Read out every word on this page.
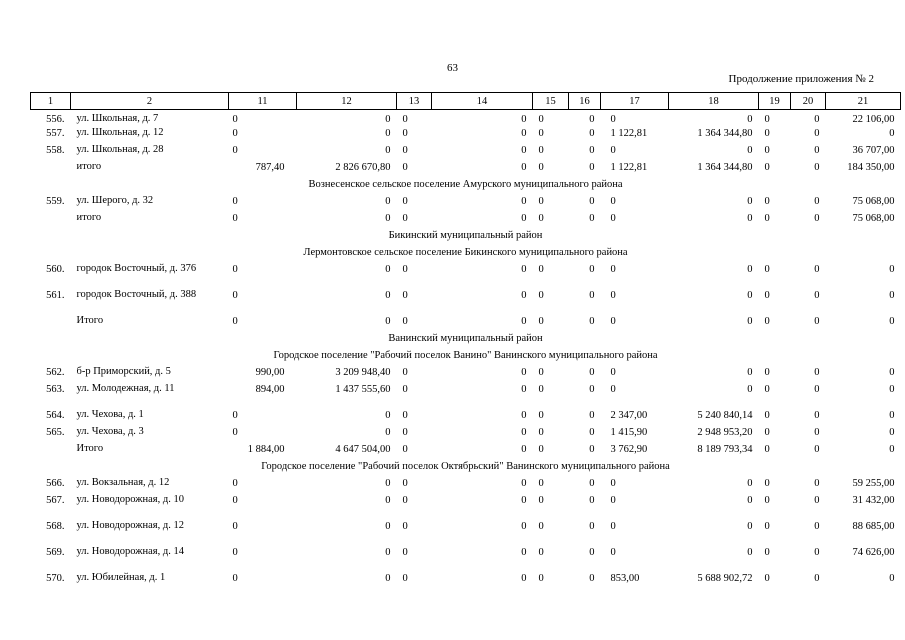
63
Продолжение приложения № 2
1	2	11	12	13	14	15	16	17	18	19	20	21
556.	ул. Школьная, д. 7	0	0	0	0	0	0	0	0	0	0	22 106,00
557.	ул. Школьная, д. 12	0	0	0	0	0	0	1 122,81	1 364 344,80	0	0	0
558.	ул. Школьная, д. 28	0	0	0	0	0	0	0	0	0	0	36 707,00
	итого	787,40	2 826 670,80	0	0	0	0	1 122,81	1 364 344,80	0	0	184 350,00
Вознесенское сельское поселение Амурского муниципального района												
559.	ул. Шерого, д. 32	0	0	0	0	0	0	0	0	0	0	75 068,00
	итого	0	0	0	0	0	0	0	0	0	0	75 068,00
Бикинский муниципальный район												
Лермонтовское сельское поселение Бикинского муниципального района												
560.	городок Восточный, д. 376	0	0	0	0	0	0	0	0	0	0	0
561.	городок Восточный, д. 388	0	0	0	0	0	0	0	0	0	0	0
	Итого	0	0	0	0	0	0	0	0	0	0	0
Ванинский муниципальный район												
Городское поселение "Рабочий поселок Ванино" Ванинского муниципального района												
562.	б-р Приморский, д. 5	990,00	3 209 948,40	0	0	0	0	0	0	0	0	0
563.	ул. Молодежная, д. 11	894,00	1 437 555,60	0	0	0	0	0	0	0	0	0
564.	ул. Чехова, д. 1	0	0	0	0	0	0	2 347,00	5 240 840,14	0	0	0
565.	ул. Чехова, д. 3	0	0	0	0	0	0	1 415,90	2 948 953,20	0	0	0
	Итого	1 884,00	4 647 504,00	0	0	0	0	3 762,90	8 189 793,34	0	0	0
Городское поселение "Рабочий поселок Октябрьский" Ванинского муниципального района												
566.	ул. Вокзальная, д. 12	0	0	0	0	0	0	0	0	0	0	59 255,00
567.	ул. Новодорожная, д. 10	0	0	0	0	0	0	0	0	0	0	31 432,00
568.	ул. Новодорожная, д. 12	0	0	0	0	0	0	0	0	0	0	88 685,00
569.	ул. Новодорожная, д. 14	0	0	0	0	0	0	0	0	0	0	74 626,00
570.	ул. Юбилейная, д. 1	0	0	0	0	0	0	853,00	5 688 902,72	0	0	0
